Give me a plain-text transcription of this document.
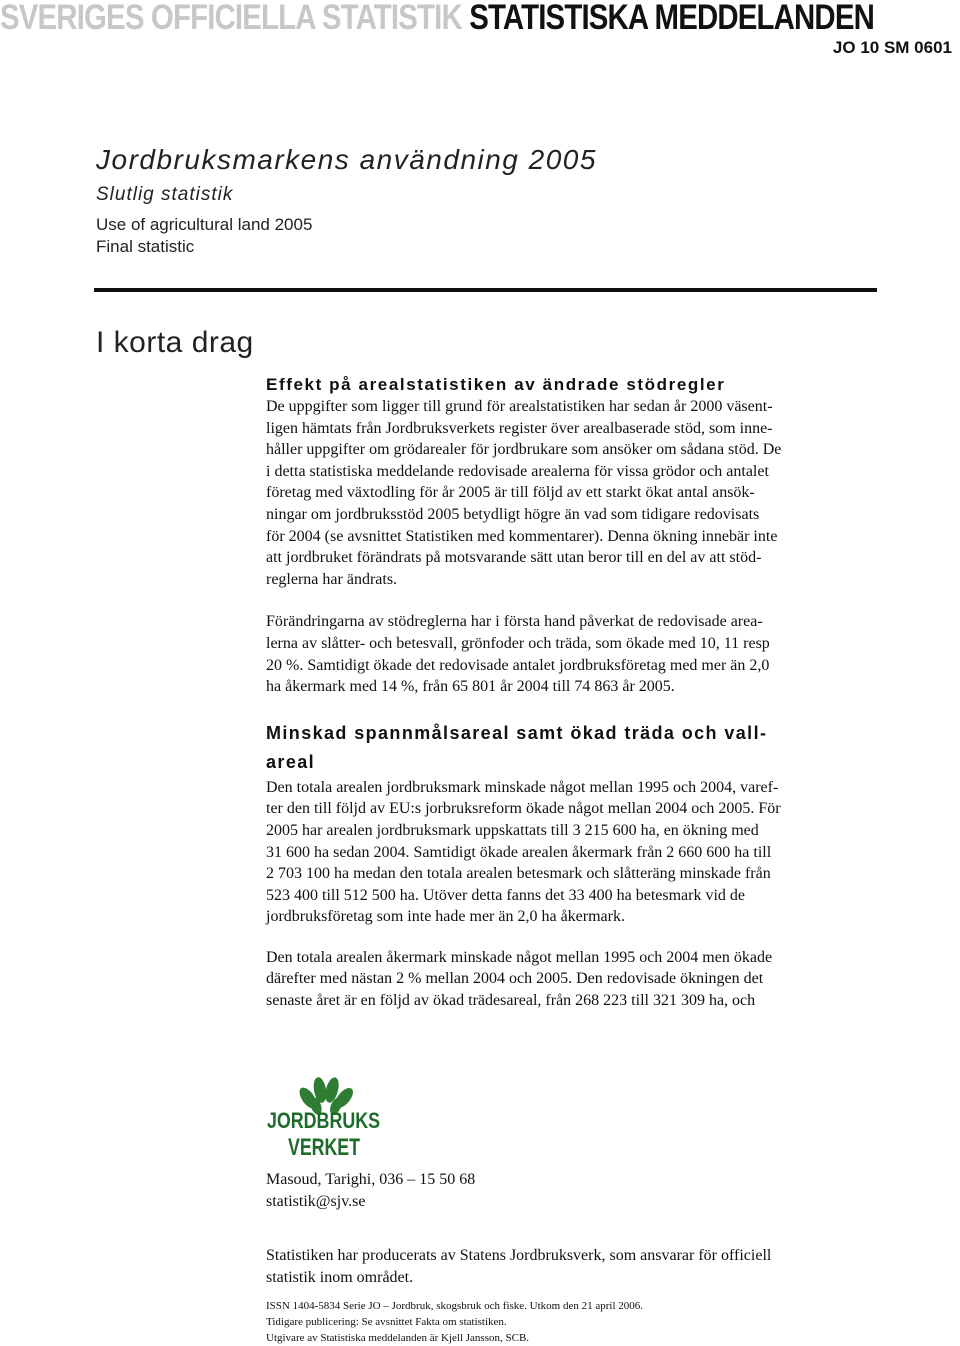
SVERIGES OFFICIELLA STATISTIK STATISTISKA MEDDELANDEN
JO 10 SM 0601
Jordbruksmarkens användning 2005
Slutlig statistik
Use of agricultural land 2005
Final statistic
I korta drag
Effekt på arealstatistiken av ändrade stödregler

De uppgifter som ligger till grund för arealstatistiken har sedan år 2000 väsent-
ligen hämtats från Jordbruksverkets register över arealbaserade stöd, som inne-
håller uppgifter om grödarealer för jordbrukare som ansöker om sådana stöd. De
i detta statistiska meddelande redovisade arealerna för vissa grödor och antalet
företag med växtodling för år 2005 är till följd av ett starkt ökat antal ansök-
ningar om jordbruksstöd 2005 betydligt högre än vad som tidigare redovisats
för 2004 (se avsnittet Statistiken med kommentarer). Denna ökning innebär inte
att jordbruket förändrats på motsvarande sätt utan beror till en del av att stöd-
reglerna har ändrats.

Förändringarna av stödreglerna har i första hand påverkat de redovisade area-
lerna av slåtter- och betesvall, grönfoder och träda, som ökade med 10, 11 resp
20 %. Samtidigt ökade det redovisade antalet jordbruksföretag med mer än 2,0
ha åkermark med 14 %, från 65 801 år 2004 till 74 863 år 2005.

Minskad spannmålsareal samt ökad träda och vall-
areal

Den totala arealen jordbruksmark minskade något mellan 1995 och 2004, varef-
ter den till följd av EU:s jorbruksreform ökade något mellan 2004 och 2005. För
2005 har arealen jordbruksmark uppskattats till 3 215 600 ha, en ökning med
31 600 ha sedan 2004. Samtidigt ökade arealen åkermark från 2 660 600 ha till
2 703 100 ha medan den totala arealen betesmark och slåtteräng minskade från
523 400 till 512 500 ha. Utöver detta fanns det 33 400 ha betesmark vid de
jordbruksföretag som inte hade mer än 2,0 ha åkermark.

Den totala arealen åkermark minskade något mellan 1995 och 2004 men ökade
därefter med nästan 2 % mellan 2004 och 2005. Den redovisade ökningen det
senaste året är en följd av ökad trädesareal, från 268 223 till 321 309 ha, och

JORDBRUKS
VERKET
Masoud, Tarighi, 036 – 15 50 68
statistik@sjv.se
Statistiken har producerats av Statens Jordbruksverk, som ansvarar för officiell
statistik inom området.
ISSN 1404-5834 Serie JO – Jordbruk, skogsbruk och fiske. Utkom den 21 april 2006.
Tidigare publicering: Se avsnittet Fakta om statistiken.
Utgivare av Statistiska meddelanden är Kjell Jansson, SCB.
